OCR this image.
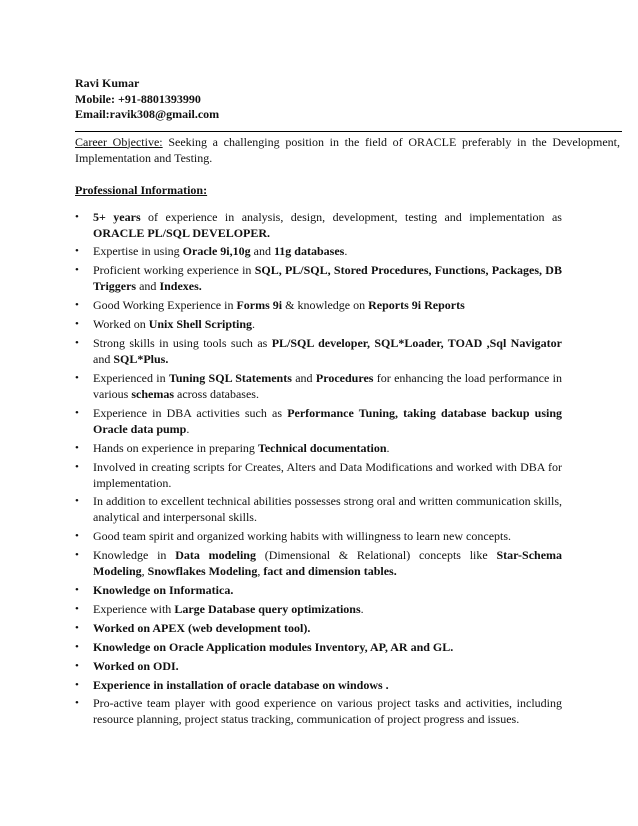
Ravi Kumar
Mobile: +91-8801393990
Email:ravik308@gmail.com
Career Objective: Seeking a challenging position in the field of ORACLE preferably in the Development, Implementation and Testing.
Professional Information:
• 5+ years of experience in analysis, design, development, testing and implementation as ORACLE PL/SQL DEVELOPER.
• Expertise in using Oracle 9i,10g and 11g databases.
• Proficient working experience in SQL, PL/SQL, Stored Procedures, Functions, Packages, DB Triggers and Indexes.
• Good Working Experience in Forms 9i & knowledge on Reports 9i Reports
• Worked on Unix Shell Scripting.
• Strong skills in using tools such as PL/SQL developer, SQL*Loader, TOAD ,Sql Navigator and SQL*Plus.
• Experienced in Tuning SQL Statements and Procedures for enhancing the load performance in various schemas across databases.
• Experience in DBA activities such as Performance Tuning, taking database backup using Oracle data pump.
• Hands on experience in preparing Technical documentation.
• Involved in creating scripts for Creates, Alters and Data Modifications and worked with DBA for implementation.
• In addition to excellent technical abilities possesses strong oral and written communication skills, analytical and interpersonal skills.
• Good team spirit and organized working habits with willingness to learn new concepts.
• Knowledge in Data modeling (Dimensional & Relational) concepts like Star-Schema Modeling, Snowflakes Modeling, fact and dimension tables.
• Knowledge on Informatica.
• Experience with Large Database query optimizations.
• Worked on APEX (web development tool).
• Knowledge on Oracle Application modules Inventory, AP, AR and GL.
• Worked on ODI.
• Experience in installation of oracle database on windows .
• Pro-active team player with good experience on various project tasks and activities, including resource planning, project status tracking, communication of project progress and issues.
